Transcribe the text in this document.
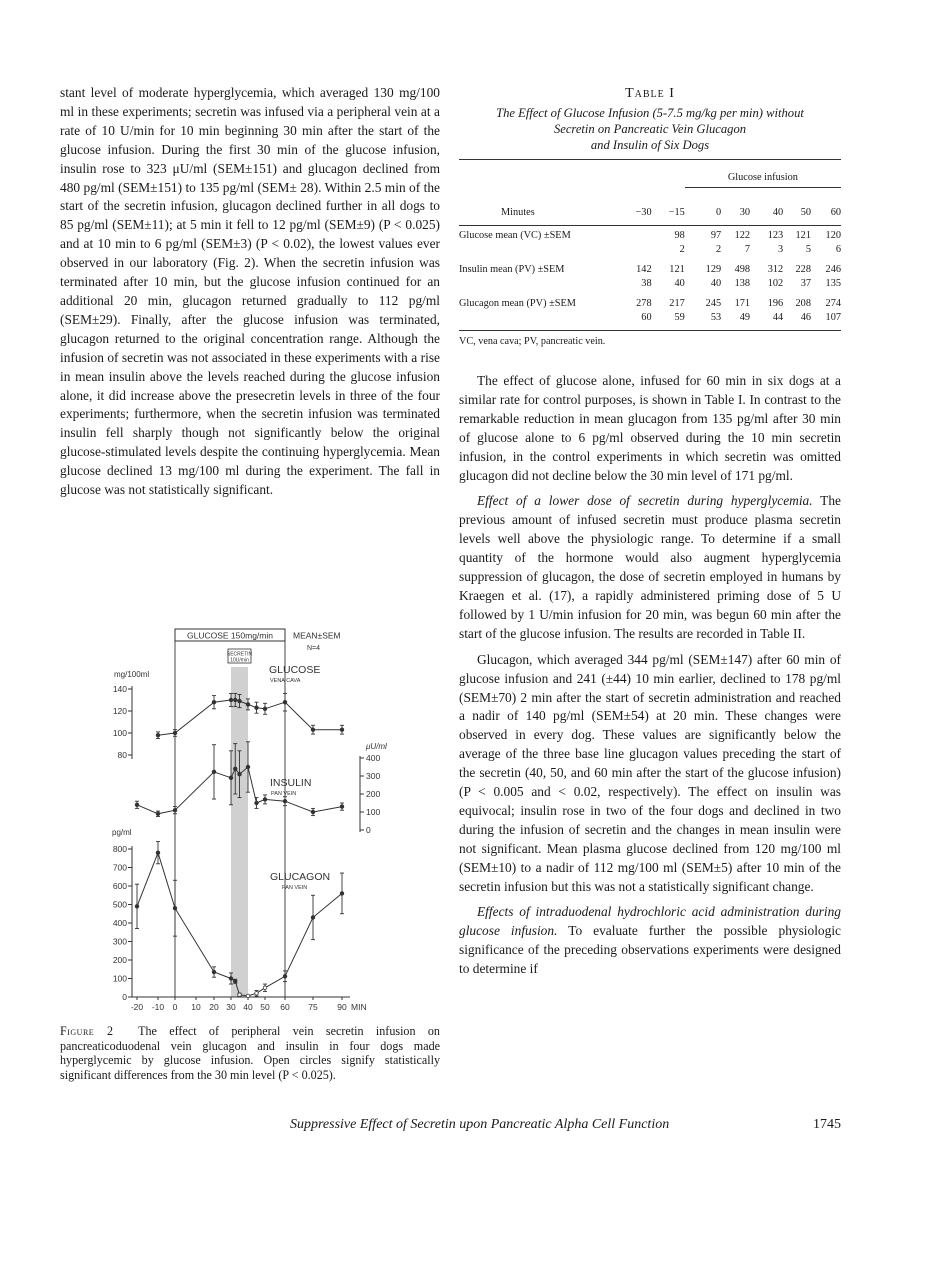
stant level of moderate hyperglycemia, which averaged 130 mg/100 ml in these experiments; secretin was infused via a peripheral vein at a rate of 10 U/min for 10 min beginning 30 min after the start of the glucose infusion. During the first 30 min of the glucose infusion, insulin rose to 323 μU/ml (SEM±151) and glucagon declined from 480 pg/ml (SEM±151) to 135 pg/ml (SEM± 28). Within 2.5 min of the start of the secretin infusion, glucagon declined further in all dogs to 85 pg/ml (SEM±11); at 5 min it fell to 12 pg/ml (SEM±9) (P < 0.025) and at 10 min to 6 pg/ml (SEM±3) (P < 0.02), the lowest values ever observed in our laboratory (Fig. 2). When the secretin infusion was terminated after 10 min, but the glucose infusion continued for an additional 20 min, glucagon returned gradually to 112 pg/ml (SEM±29). Finally, after the glucose infusion was terminated, glucagon returned to the original concentration range. Although the infusion of secretin was not associated in these experiments with a rise in mean insulin above the levels reached during the glucose infusion alone, it did increase above the presecretin levels in three of the four experiments; furthermore, when the secretin infusion was terminated insulin fell sharply though not significantly below the original glucose-stimulated levels despite the continuing hyperglycemia. Mean glucose declined 13 mg/100 ml during the experiment. The fall in glucose was not statistically significant.

Table I
The Effect of Glucose Infusion (5-7.5 mg/kg per min) without
Secretin on Pancreatic Vein Glucagon
and Insulin of Six Dogs
			Glucose infusion				

Minutes	−30	−15	0	30	40	50	60

Glucose mean (VC) ±SEM		98	97	122	123	121	120
		2	2	7	3	5	6

Insulin mean (PV) ±SEM	142	121	129	498	312	228	246
	38	40	40	138	102	37	135

Glucagon mean (PV) ±SEM	278	217	245	171	196	208	274
	60	59	53	49	44	46	107
VC, vena cava; PV, pancreatic vein.

The effect of glucose alone, infused for 60 min in six dogs at a similar rate for control purposes, is shown in Table I. In contrast to the remarkable reduction in mean glucagon from 135 pg/ml after 30 min of glucose alone to 6 pg/ml observed during the 10 min secretin infusion, in the control experiments in which secretin was omitted glucagon did not decline below the 30 min level of 171 pg/ml.

Effect of a lower dose of secretin during hyperglycemia. The previous amount of infused secretin must produce plasma secretin levels well above the physiologic range. To determine if a small quantity of the hormone would also augment hyperglycemia suppression of glucagon, the dose of secretin employed in humans by Kraegen et al. (17), a rapidly administered priming dose of 5 U followed by 1 U/min infusion for 20 min, was begun 60 min after the start of the glucose infusion. The results are recorded in Table II.

Glucagon, which averaged 344 pg/ml (SEM±147) after 60 min of glucose infusion and 241 (±44) 10 min earlier, declined to 178 pg/ml (SEM±70) 2 min after the start of secretin administration and reached a nadir of 140 pg/ml (SEM±54) at 20 min. These changes were observed in every dog. These values are significantly below the average of the three base line glucagon values preceding the start of the secretin (40, 50, and 60 min after the start of the glucose infusion) (P < 0.005 and < 0.02, respectively). The effect on insulin was equivocal; insulin rose in two of the four dogs and declined in two during the infusion of secretin and the changes in mean insulin were not significant. Mean plasma glucose declined from 120 mg/100 ml (SEM±10) to a nadir of 112 mg/100 ml (SEM±5) after 10 min of the secretin infusion but this was not a statistically significant change.

Effects of intraduodenal hydrochloric acid administration during glucose infusion. To evaluate further the possible physiologic significance of the preceding observations experiments were designed to determine if

80
100
120
140
0
100
200
300
400
0
100
200
300
400
500
600
700
800
-20 -10 0 10 20 30 40 50 60 75 90
GLUCOSE 150mg/min MEAN±SEM
N=4
SECRETIN
10U/min
mg/100ml
μU/ml
pg/ml
MIN
GLUCOSE
VENA CAVA
INSULIN
PAN VEIN
GLUCAGON
PAN VEIN
Figure 2 The effect of peripheral vein secretin infusion on pancreaticoduodenal vein glucagon and insulin in four dogs made hyperglycemic by glucose infusion. Open circles signify statistically significant differences from the 30 min level (P < 0.025).
Suppressive Effect of Secretin upon Pancreatic Alpha Cell Function	1745
